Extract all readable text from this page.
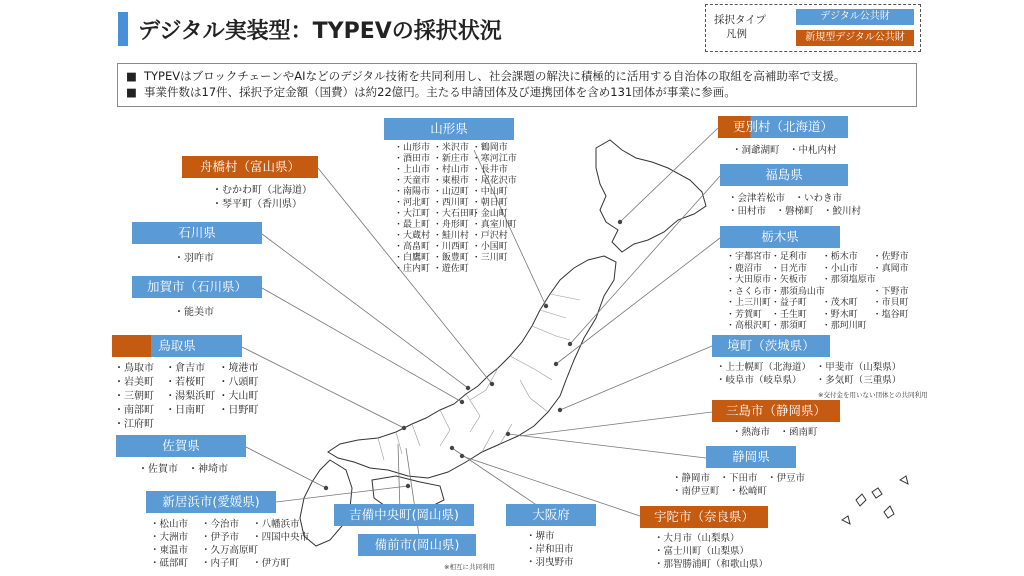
デジタル実装型：TYPEVの採択状況	採択タイプ
凡例
デジタル公共財
新規型デジタル公共財
■ TYPEVはブロックチェーンやAIなどのデジタル技術を共同利用し、社会課題の解決に積極的に活用する自治体の取組を高補助率で支援。
■ 事業件数は17件、採択予定金額（国費）は約22億円。主たる申請団体及び連携団体を含め131団体が事業に参画。
山形県
・山形市
・酒田市
・上山市
・天童市
・南陽市
・河北町
・大江町
・最上町
・大蔵村
・高畠町
・白鷹町
・庄内町

・米沢市
・新庄市
・村山市
・東根市
・山辺町
・西川町
・大石田町
・舟形町
・鮭川村
・川西町
・飯豊町
・遊佐町

・鶴岡市
・寒河江市
・長井市
・尾花沢市
・中山町
・朝日町
・金山町
・真室川町
・戸沢村
・小国町
・三川町
舟橋村（富山県）
・むかわ町（北海道）
・琴平町（香川県）
石川県
・羽咋市
加賀市（石川県）
・能美市
鳥取県
・鳥取市
・岩美町
・三朝町
・南部町
・江府町

・倉吉市
・若桜町
・湯梨浜町
・日南町

・境港市
・八頭町
・大山町
・日野町
佐賀県
・佐賀市　・神埼市
新居浜市(愛媛県)
・松山市
・大洲市
・東温市
・砥部町

・今治市
・伊予市
・久万高原町
・内子町

・八幡浜市
・四国中央市

・伊方町
吉備中央町(岡山県)
備前市(岡山県)
※相互に共同利用
大阪府
・堺市
・岸和田市
・羽曳野市
宇陀市（奈良県）
・大月市（山梨県）
・富士川町（山梨県）
・那智勝浦町（和歌山県）
静岡県
・静岡市　・下田市　・伊豆市
・南伊豆町　・松崎町
三島市（静岡県）
・熱海市　・函南町
境町（茨城県）
・上士幌町（北海道）　・甲斐市（山梨県）
・岐阜市（岐阜県）　　・多気町（三重県）
※交付金を用いない団体との共同利用
栃木県
・宇都宮市
・鹿沼市
・大田原市
・さくら市
・上三川町
・芳賀町
・高根沢町

・足利市
・日光市
・矢板市
・那須烏山市
・益子町
・壬生町
・那須町

・栃木市
・小山市
・那須塩原市

・茂木町
・野木町
・那珂川町

・佐野市
・真岡市

・下野市
・市貝町
・塩谷町

福島県
・会津若松市　・いわき市
・田村市　・磐梯町　・鮫川村
更別村（北海道）
・洞爺湖町　・中札内村
